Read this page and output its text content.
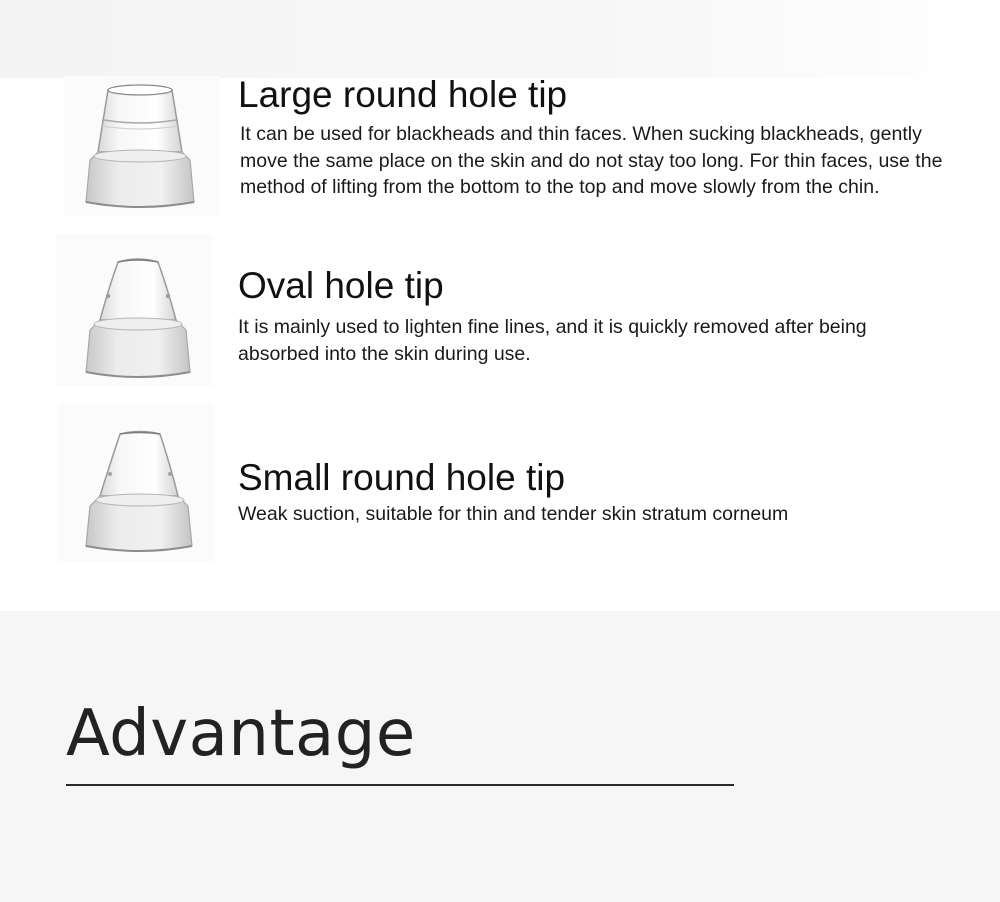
Large round hole tip
It can be used for blackheads and thin faces. When sucking blackheads, gently move the same place on the skin and do not stay too long. For thin faces, use the method of lifting from the bottom to the top and move slowly from the chin.
Oval hole tip
It is mainly used to lighten fine lines, and it is quickly removed after being absorbed into the skin during use.
Small round hole tip
Weak suction, suitable for thin and tender skin stratum corneum
Advantage
